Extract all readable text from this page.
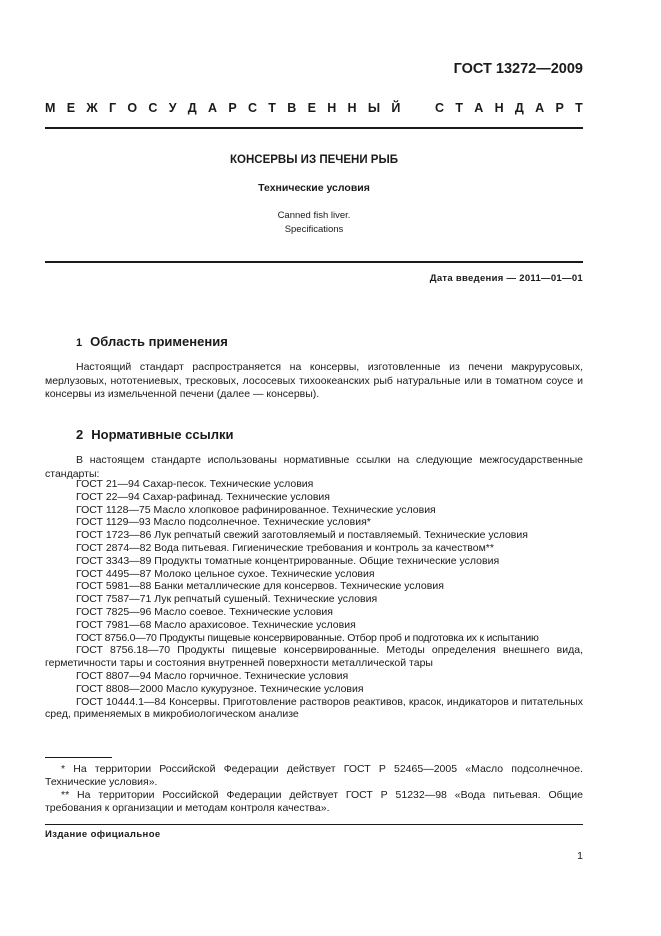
ГОСТ 13272—2009
М Е Ж Г О С У Д А Р С Т В Е Н Н Ы Й	С Т А Н Д А Р Т
КОНСЕРВЫ ИЗ ПЕЧЕНИ РЫБ
Технические условия
Canned fish liver.
Specifications
Дата введения — 2011—01—01
1 Область применения
Настоящий стандарт распространяется на консервы, изготовленные из печени макрурусовых, мерлузовых, нототениевых, тресковых, лососевых тихоокеанских рыб натуральные или в томатном соусе и консервы из измельченной печени (далее — консервы).
2 Нормативные ссылки
В настоящем стандарте использованы нормативные ссылки на следующие межгосударственные стандарты:
ГОСТ 21—94 Сахар-песок. Технические условия
ГОСТ 22—94 Сахар-рафинад. Технические условия
ГОСТ 1128—75 Масло хлопковое рафинированное. Технические условия
ГОСТ 1129—93 Масло подсолнечное. Технические условия*
ГОСТ 1723—86 Лук репчатый свежий заготовляемый и поставляемый. Технические условия
ГОСТ 2874—82 Вода питьевая. Гигиенические требования и контроль за качеством**
ГОСТ 3343—89 Продукты томатные концентрированные. Общие технические условия
ГОСТ 4495—87 Молоко цельное сухое. Технические условия
ГОСТ 5981—88 Банки металлические для консервов. Технические условия
ГОСТ 7587—71 Лук репчатый сушеный. Технические условия
ГОСТ 7825—96 Масло соевое. Технические условия
ГОСТ 7981—68 Масло арахисовое. Технические условия
ГОСТ 8756.0—70 Продукты пищевые консервированные. Отбор проб и подготовка их к испытанию
ГОСТ 8756.18—70 Продукты пищевые консервированные. Методы определения внешнего вида, герметичности тары и состояния внутренней поверхности металлической тары
ГОСТ 8807—94 Масло горчичное. Технические условия
ГОСТ 8808—2000 Масло кукурузное. Технические условия
ГОСТ 10444.1—84 Консервы. Приготовление растворов реактивов, красок, индикаторов и питательных сред, применяемых в микробиологическом анализе
* На территории Российской Федерации действует ГОСТ Р 52465—2005 «Масло подсолнечное. Технические условия».
** На территории Российской Федерации действует ГОСТ Р 51232—98 «Вода питьевая. Общие требования к организации и методам контроля качества».
Издание официальное
1
